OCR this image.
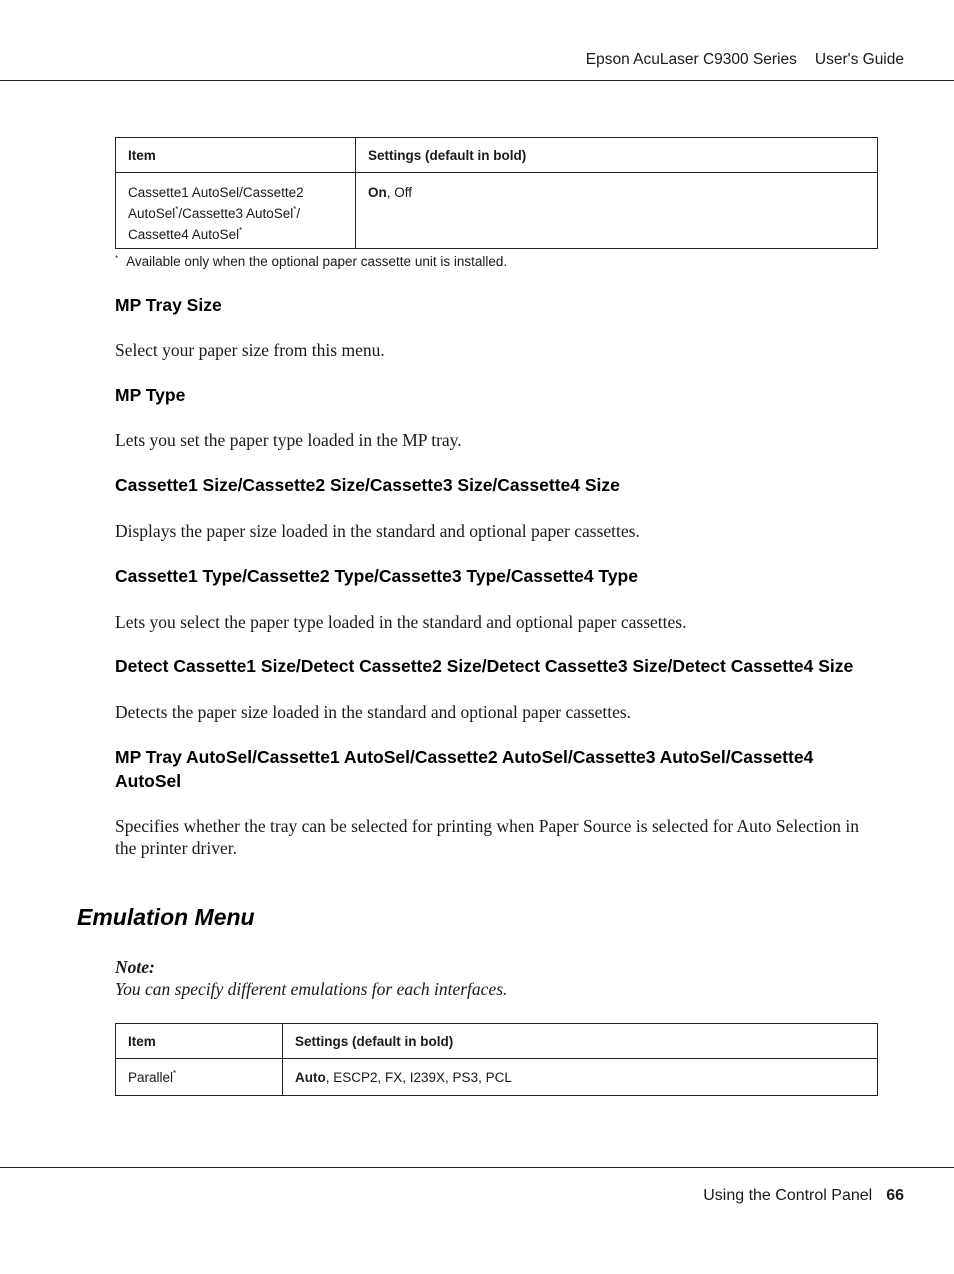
Epson AcuLaser C9300 Series User's Guide
Item	Settings (default in bold)
Cassette1 AutoSel/Cassette2 AutoSel*/Cassette3 AutoSel*/ Cassette4 AutoSel*	On, Off
* Available only when the optional paper cassette unit is installed.
MP Tray Size

Select your paper size from this menu.

MP Type

Lets you set the paper type loaded in the MP tray.

Cassette1 Size/Cassette2 Size/Cassette3 Size/Cassette4 Size

Displays the paper size loaded in the standard and optional paper cassettes.

Cassette1 Type/Cassette2 Type/Cassette3 Type/Cassette4 Type

Lets you select the paper type loaded in the standard and optional paper cassettes.

Detect Cassette1 Size/Detect Cassette2 Size/Detect Cassette3 Size/Detect Cassette4 Size

Detects the paper size loaded in the standard and optional paper cassettes.

MP Tray AutoSel/Cassette1 AutoSel/Cassette2 AutoSel/Cassette3 AutoSel/Cassette4 AutoSel

Specifies whether the tray can be selected for printing when Paper Source is selected for Auto Selection in the printer driver.

Emulation Menu
Note:
You can specify different emulations for each interfaces.
Item	Settings (default in bold)
Parallel*	Auto, ESCP2, FX, I239X, PS3, PCL
Using the Control Panel 66
